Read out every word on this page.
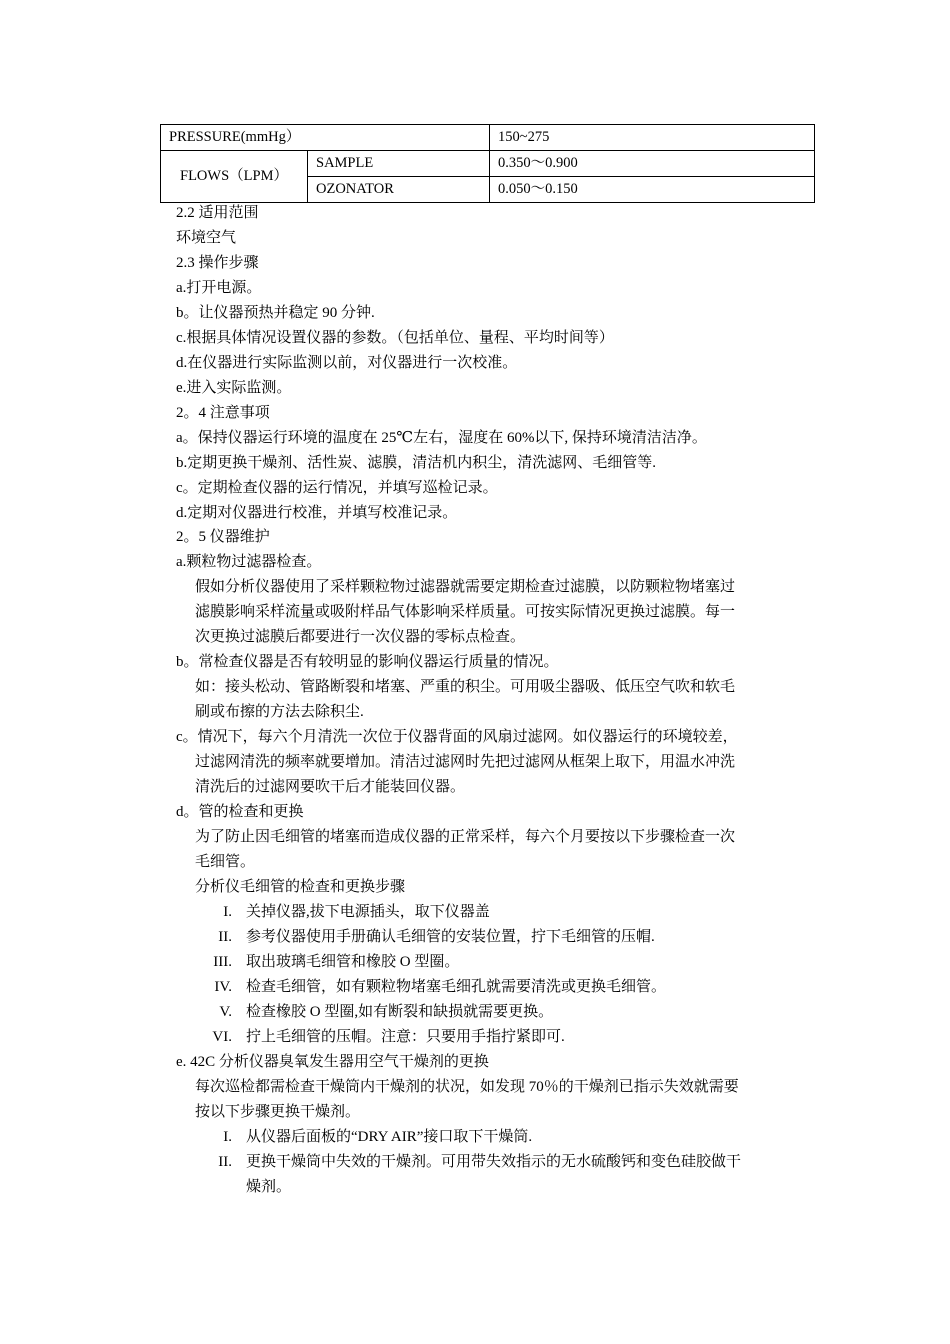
PRESSURE(mmHg）		150~275
FLOWS（LPM）	SAMPLE	0.350～0.900
	OZONATOR	0.050～0.150
2.2 适用范围
环境空气
2.3 操作步骤
a.打开电源。
b。让仪器预热并稳定 90 分钟.
c.根据具体情况设置仪器的参数。（包括单位、量程、平均时间等）
d.在仪器进行实际监测以前，对仪器进行一次校准。
e.进入实际监测。
2。4 注意事项
a。保持仪器运行环境的温度在 25℃左右，湿度在 60%以下, 保持环境清洁洁净。
b.定期更换干燥剂、活性炭、滤膜，清洁机内积尘，清洗滤网、毛细管等.
c。定期检查仪器的运行情况，并填写巡检记录。
d.定期对仪器进行校准，并填写校准记录。
2。5 仪器维护
a.颗粒物过滤器检查。
假如分析仪器使用了采样颗粒物过滤器就需要定期检查过滤膜，以防颗粒物堵塞过
滤膜影响采样流量或吸附样品气体影响采样质量。可按实际情况更换过滤膜。每一
次更换过滤膜后都要进行一次仪器的零标点检查。
b。常检查仪器是否有较明显的影响仪器运行质量的情况。
如：接头松动、管路断裂和堵塞、严重的积尘。可用吸尘器吸、低压空气吹和软毛
刷或布擦的方法去除积尘.
c。情况下，每六个月清洗一次位于仪器背面的风扇过滤网。如仪器运行的环境较差，
过滤网清洗的频率就要增加。清洁过滤网时先把过滤网从框架上取下，用温水冲洗
清洗后的过滤网要吹干后才能装回仪器。
d。管的检查和更换
为了防止因毛细管的堵塞而造成仪器的正常采样，每六个月要按以下步骤检查一次
毛细管。
分析仪毛细管的检查和更换步骤
I. 关掉仪器,拔下电源插头，取下仪器盖
II. 参考仪器使用手册确认毛细管的安装位置，拧下毛细管的压帽.
III. 取出玻璃毛细管和橡胶 O 型圈。
IV. 检查毛细管，如有颗粒物堵塞毛细孔就需要清洗或更换毛细管。
V. 检查橡胶 O 型圈,如有断裂和缺损就需要更换。
VI. 拧上毛细管的压帽。注意：只要用手指拧紧即可.
e. 42C 分析仪器臭氧发生器用空气干燥剂的更换
每次巡检都需检查干燥筒内干燥剂的状况，如发现 70％的干燥剂已指示失效就需要
按以下步骤更换干燥剂。
I. 从仪器后面板的“DRY AIR”接口取下干燥筒.
II. 更换干燥筒中失效的干燥剂。可用带失效指示的无水硫酸钙和变色硅胶做干
燥剂。
